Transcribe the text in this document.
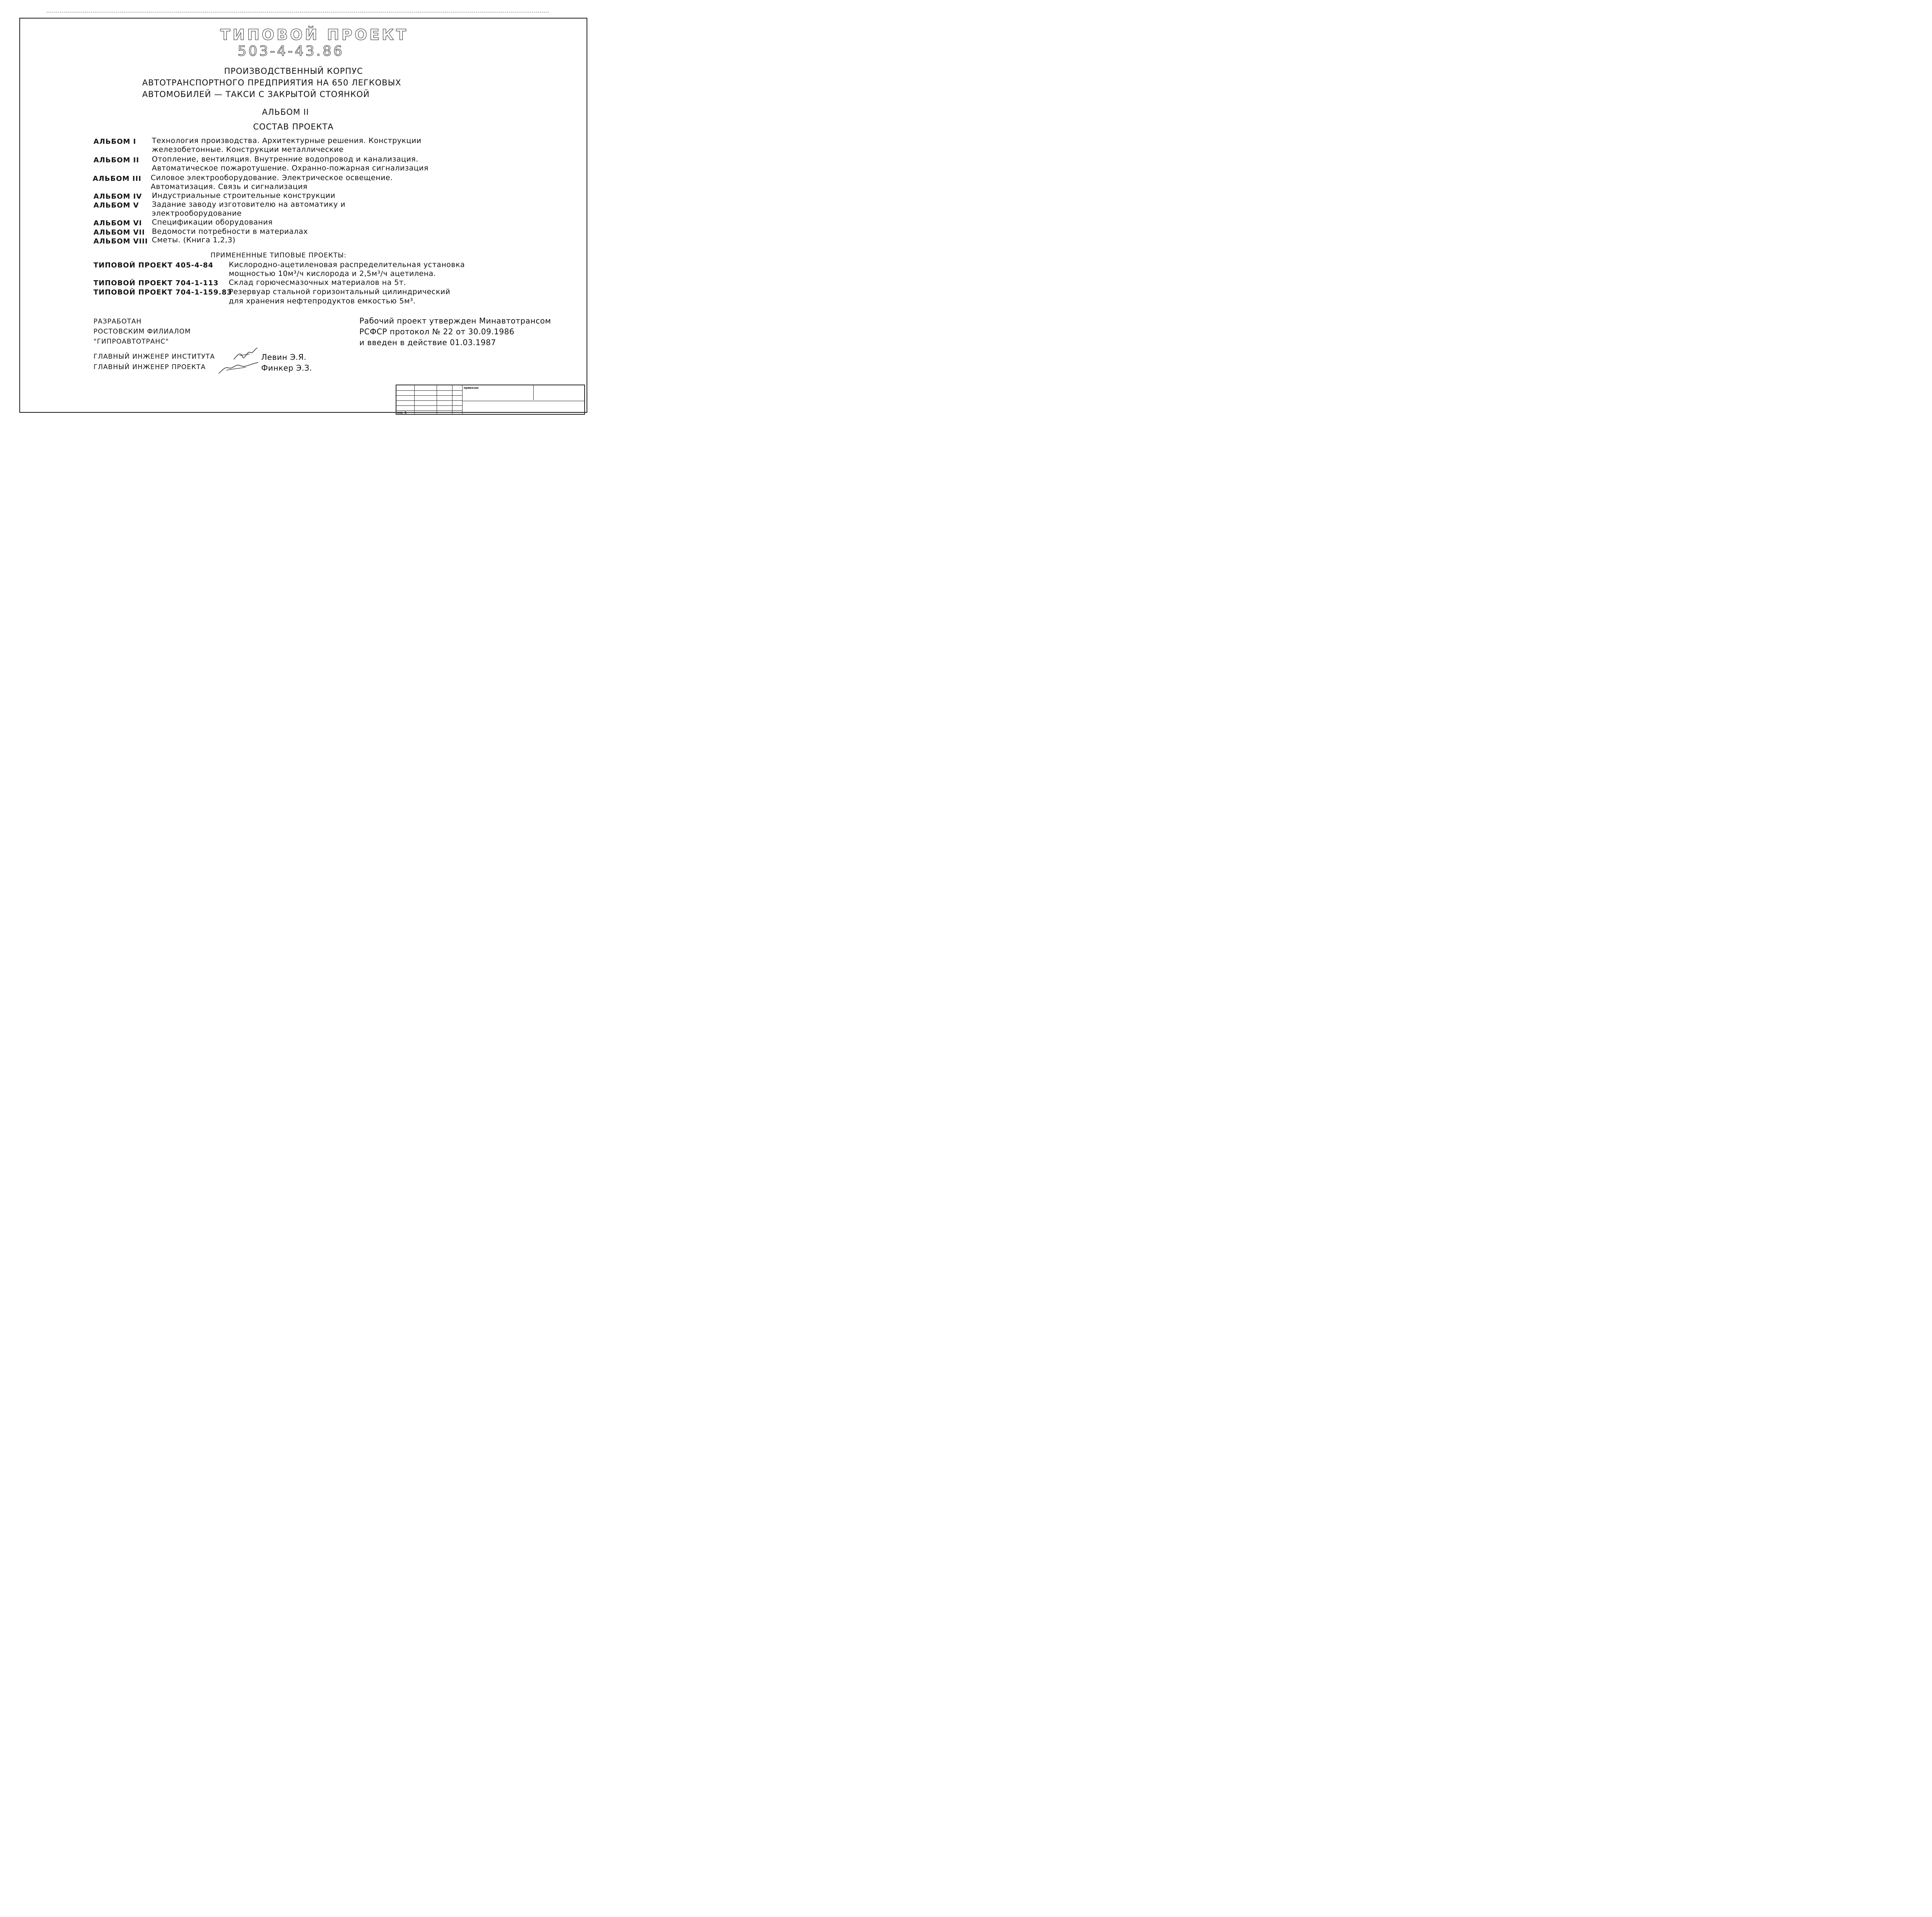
ТИПОВОЙ ПРОЕКТ
503-4-43.86
ПРОИЗВОДСТВЕННЫЙ КОРПУС
АВТОТРАНСПОРТНОГО ПРЕДПРИЯТИЯ НА 650 ЛЕГКОВЫХ
АВТОМОБИЛЕЙ — ТАКСИ С ЗАКРЫТОЙ СТОЯНКОЙ
АЛЬБОМ II
СОСТАВ ПРОЕКТА
АЛЬБОМ I Технология производства. Архитектурные решения. Конструкции
железобетонные. Конструкции металлические
АЛЬБОМ II Отопление, вентиляция. Внутренние водопровод и канализация.
Автоматическое пожаротушение. Охранно-пожарная сигнализация
АЛЬБОМ III Силовое электрооборудование. Электрическое освещение.
Автоматизация. Связь и сигнализация
АЛЬБОМ IV Индустриальные строительные конструкции
АЛЬБОМ V Задание заводу изготовителю на автоматику и
электрооборудование
АЛЬБОМ VI Спецификации оборудования
АЛЬБОМ VII Ведомости потребности в материалах
АЛЬБОМ VIII Сметы. (Книга 1,2,3)
ПРИМЕНЕННЫЕ ТИПОВЫЕ ПРОЕКТЫ:
ТИПОВОЙ ПРОЕКТ 405-4-84 Кислородно-ацетиленовая распределительная установка
мощностью 10м³/ч кислорода и 2,5м³/ч ацетилена.
ТИПОВОЙ ПРОЕКТ 704-1-113 Склад горючесмазочных материалов на 5т.
ТИПОВОЙ ПРОЕКТ 704-1-159.83
Резервуар стальной горизонтальный цилиндрический
для хранения нефтепродуктов емкостью 5м³.
РАЗРАБОТАН
РОСТОВСКИМ ФИЛИАЛОМ
"ГИПРОАВТОТРАНС"
Рабочий проект утвержден Минавтотрансом
РСФСР протокол № 22 от 30.09.1986
и введен в действие 01.03.1987
ГЛАВНЫЙ ИНЖЕНЕР ИНСТИТУТА	Левин Э.Я.
ГЛАВНЫЙ ИНЖЕНЕР ПРОЕКТА	Финкер Э.З.
привязан
инв №
